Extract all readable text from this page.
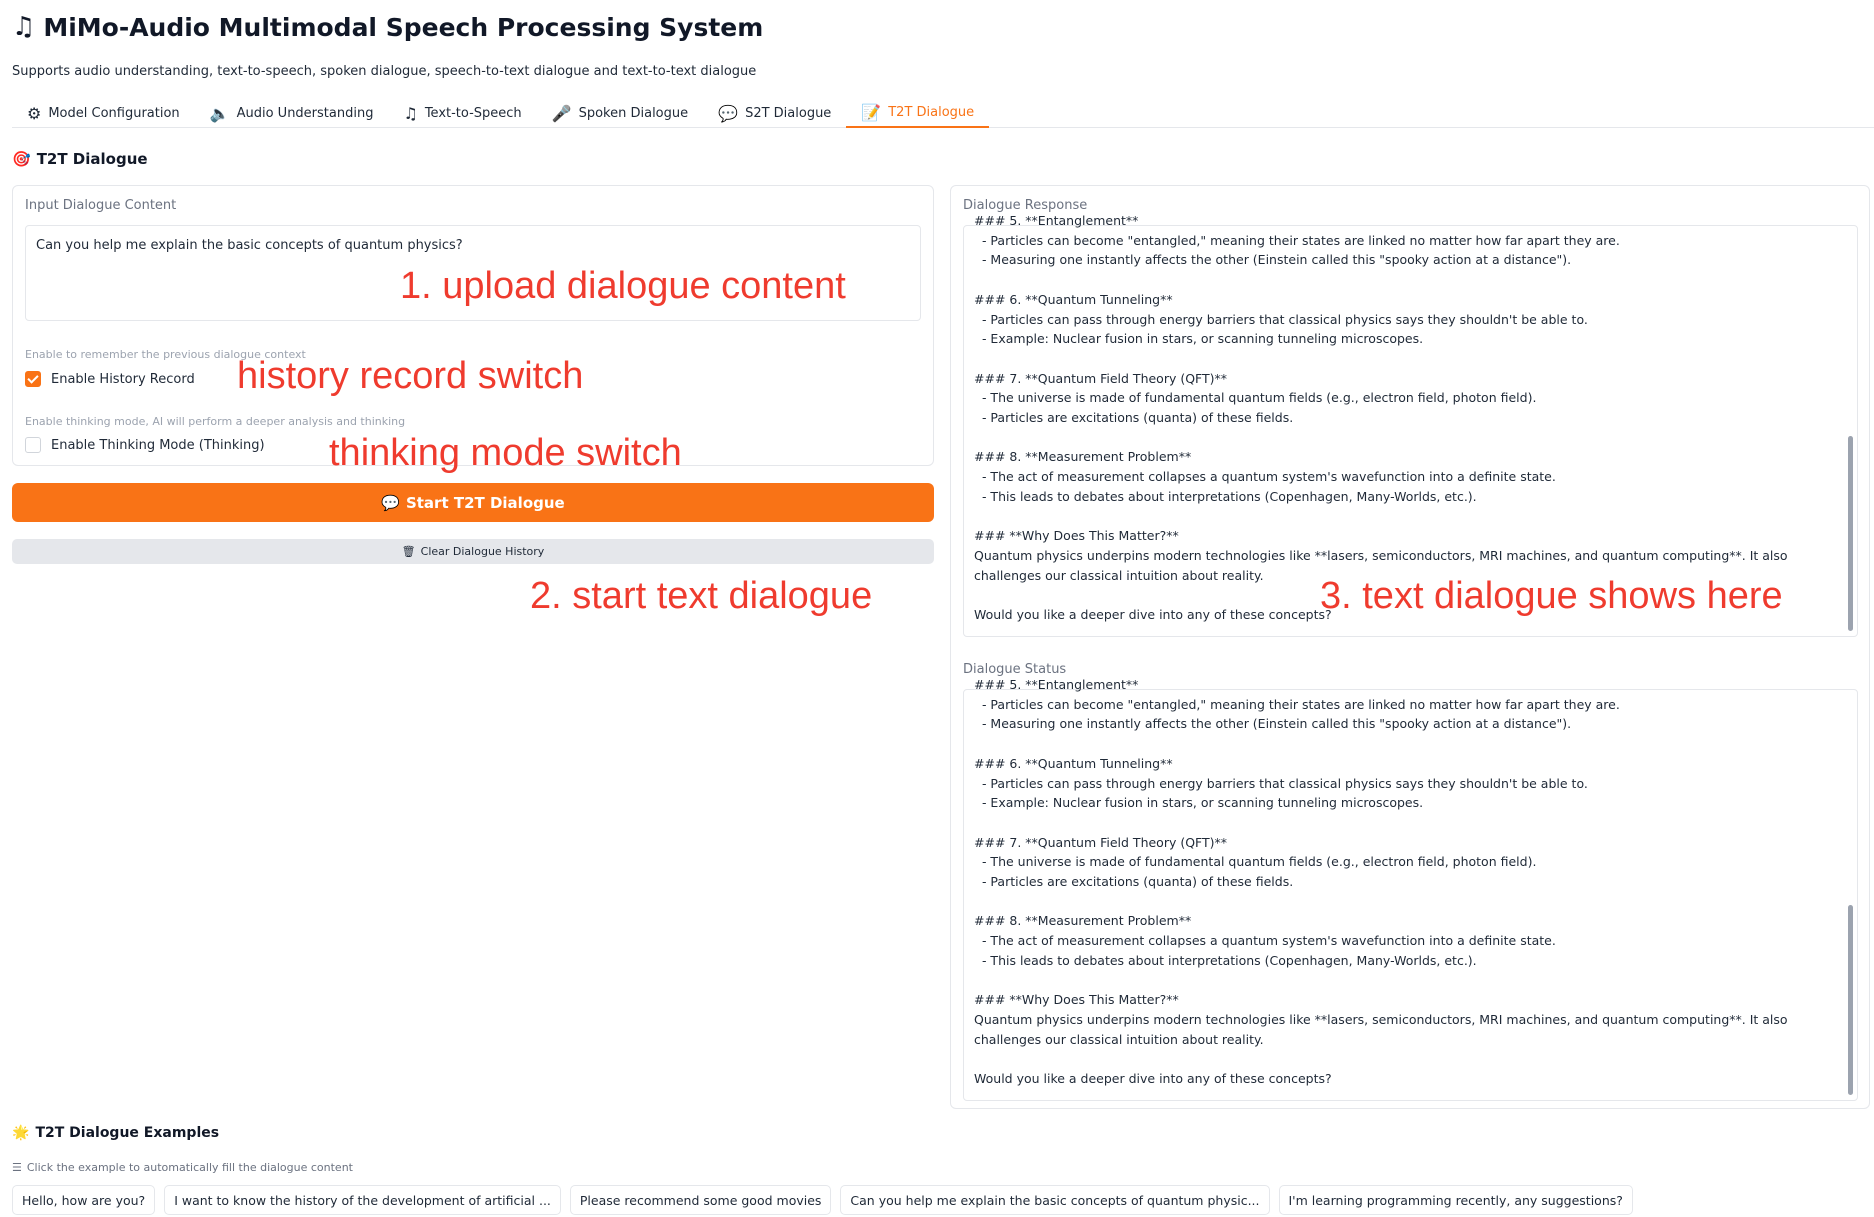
♫ MiMo-Audio Multimodal Speech Processing System
Supports audio understanding, text-to-speech, spoken dialogue, speech-to-text dialogue and text-to-text dialogue
⚙ Model Configuration 🔈 Audio Understanding ♫ Text-to-Speech 🎤 Spoken Dialogue 💬 S2T Dialogue 📝 T2T Dialogue
🎯 T2T Dialogue
Input Dialogue Content
Can you help me explain the basic concepts of quantum physics?
Enable to remember the previous dialogue context
Enable History Record
Enable thinking mode, AI will perform a deeper analysis and thinking
Enable Thinking Mode (Thinking)
💬 Start T2T Dialogue
🗑 Clear Dialogue History
Dialogue Response
### 5. **Entanglement**
- Particles can become "entangled," meaning their states are linked no matter how far apart they are.
- Measuring one instantly affects the other (Einstein called this "spooky action at a distance").

### 6. **Quantum Tunneling**
- Particles can pass through energy barriers that classical physics says they shouldn't be able to.
- Example: Nuclear fusion in stars, or scanning tunneling microscopes.

### 7. **Quantum Field Theory (QFT)**
- The universe is made of fundamental quantum fields (e.g., electron field, photon field).
- Particles are excitations (quanta) of these fields.

### 8. **Measurement Problem**
- The act of measurement collapses a quantum system's wavefunction into a definite state.
- This leads to debates about interpretations (Copenhagen, Many-Worlds, etc.).

### **Why Does This Matter?**
Quantum physics underpins modern technologies like **lasers, semiconductors, MRI machines, and quantum computing**. It also challenges our classical intuition about reality.

Would you like a deeper dive into any of these concepts?
Dialogue Status
### 5. **Entanglement**
- Particles can become "entangled," meaning their states are linked no matter how far apart they are.
- Measuring one instantly affects the other (Einstein called this "spooky action at a distance").

### 6. **Quantum Tunneling**
- Particles can pass through energy barriers that classical physics says they shouldn't be able to.
- Example: Nuclear fusion in stars, or scanning tunneling microscopes.

### 7. **Quantum Field Theory (QFT)**
- The universe is made of fundamental quantum fields (e.g., electron field, photon field).
- Particles are excitations (quanta) of these fields.

### 8. **Measurement Problem**
- The act of measurement collapses a quantum system's wavefunction into a definite state.
- This leads to debates about interpretations (Copenhagen, Many-Worlds, etc.).

### **Why Does This Matter?**
Quantum physics underpins modern technologies like **lasers, semiconductors, MRI machines, and quantum computing**. It also challenges our classical intuition about reality.

Would you like a deeper dive into any of these concepts?
1. upload dialogue content
history record switch
thinking mode switch
2. start text dialogue	3. text dialogue shows here
🌟 T2T Dialogue Examples
☰ Click the example to automatically fill the dialogue content
Hello, how are you?	I want to know the history of the development of artificial ...	Please recommend some good movies	Can you help me explain the basic concepts of quantum physic...	I'm learning programming recently, any suggestions?
